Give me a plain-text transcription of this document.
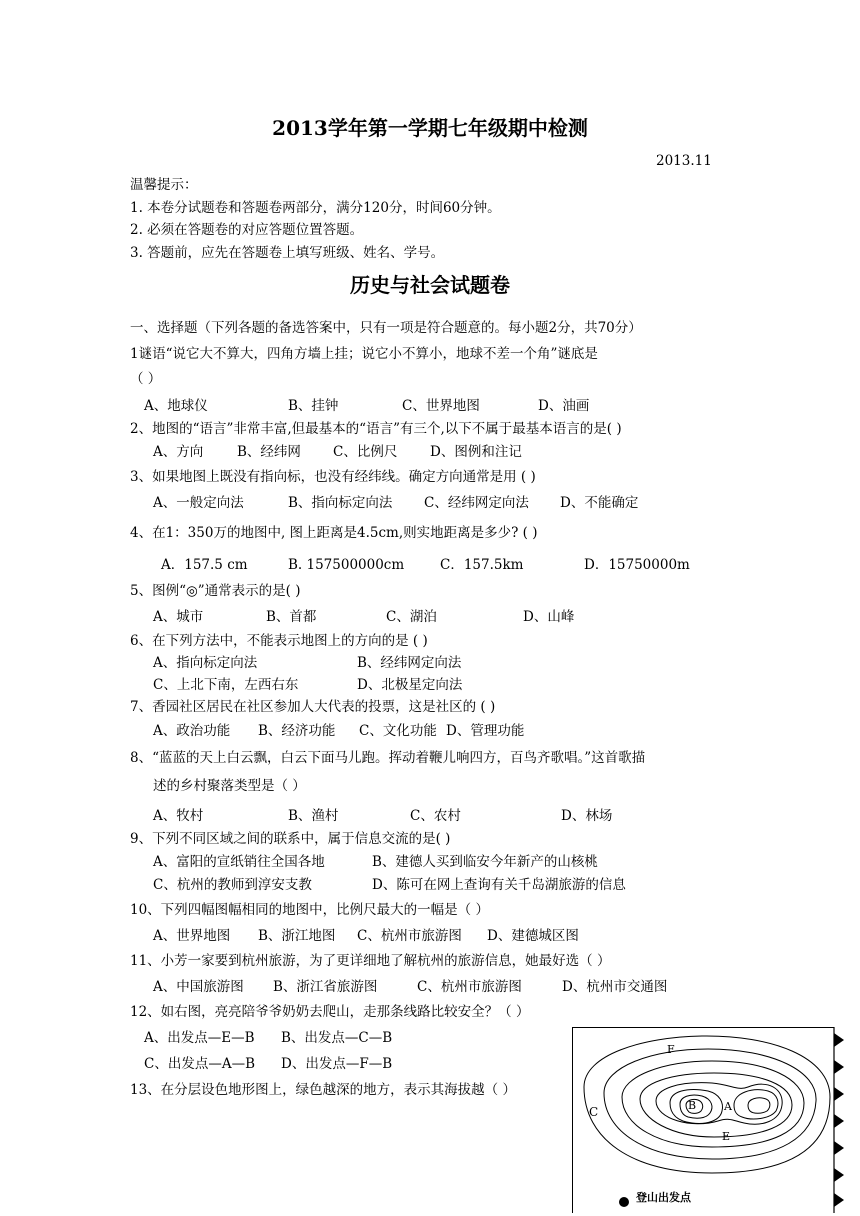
2013学年第一学期七年级期中检测
2013.11
温馨提示：
1. 本卷分试题卷和答题卷两部分，满分120分，时间60分钟。
2. 必须在答题卷的对应答题位置答题。
3. 答题前，应先在答题卷上填写班级、姓名、学号。
历史与社会试题卷
一、选择题（下列各题的备选答案中，只有一项是符合题意的。每小题2分，共70分）
1谜语“说它大不算大，四角方墙上挂；说它小不算小，地球不差一个角”谜底是
（ ）
A、地球仪	B、挂钟	C、世界地图	D、油画
2、地图的“语言”非常丰富,但最基本的“语言”有三个,以下不属于最基本语言的是( )
A、方向	B、经纬网 C、比例尺 D、图例和注记
3、如果地图上既没有指向标，也没有经纬线。确定方向通常是用 ( )
A、一般定向法	B、指向标定向法 C、经纬网定向法 D、不能确定
4、在1：350万的地图中, 图上距离是4.5cm,则实地距离是多少? ( )
A．157.5 cm	B. 157500000cm	C．157.5km	D．15750000m
5、图例“◎”通常表示的是( )
A、城市	B、首都	C、湖泊	D、山峰
6、在下列方法中，不能表示地图上的方向的是 ( )
A、指向标定向法	B、经纬网定向法
C、上北下南，左西右东	D、北极星定向法
7、香园社区居民在社区参加人大代表的投票，这是社区的 ( )
A、政治功能 B、经济功能 C、文化功能 D、管理功能
8、“蓝蓝的天上白云飘，白云下面马儿跑。挥动着鞭儿响四方，百鸟齐歌唱。”这首歌描
述的乡村聚落类型是（ ）
A、牧村	B、渔村	C、农村	D、林场
9、下列不同区域之间的联系中，属于信息交流的是( )
A、富阳的宣纸销往全国各地	B、建德人买到临安今年新产的山核桃
C、杭州的教师到淳安支教	D、陈可在网上查询有关千岛湖旅游的信息
10、下列四幅图幅相同的地图中，比例尺最大的一幅是（ ）
A、世界地图 B、浙江地图 C、杭州市旅游图 D、建德城区图
11、小芳一家要到杭州旅游，为了更详细地了解杭州的旅游信息，她最好选（ ）
A、中国旅游图 B、浙江省旅游图	C、杭州市旅游图	D、杭州市交通图
12、如右图，亮亮陪爷爷奶奶去爬山，走那条线路比较安全？（ ）
A、出发点—E—B B、出发点—C—B
C、出发点—A—B D、出发点—F—B
13、在分层设色地形图上，绿色越深的地方，表示其海拔越（ ）
F
C	B	A
E
登山出发点
